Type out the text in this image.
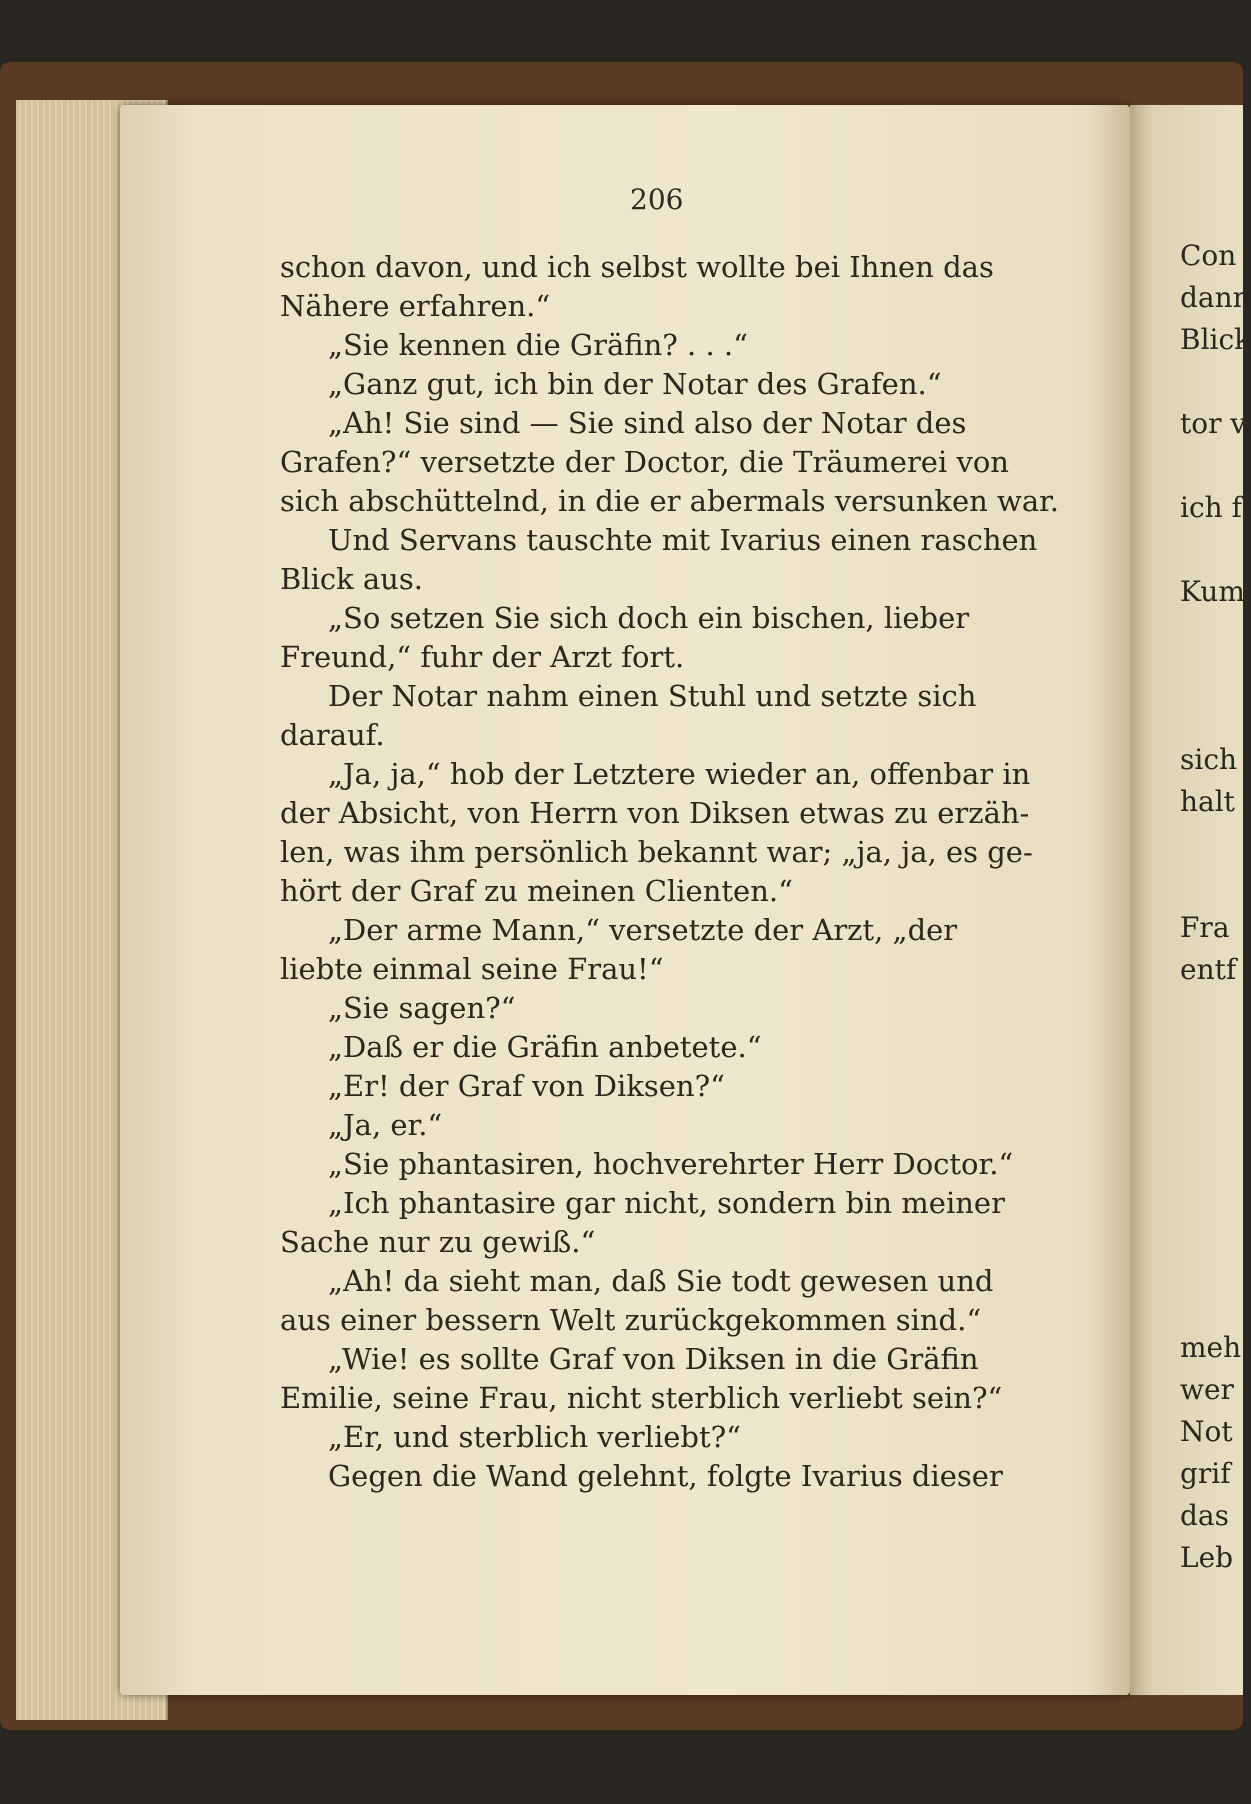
206
schon davon, und ich selbst wollte bei Ihnen das
Nähere erfahren.“
„Sie kennen die Gräfin? . . .“
„Ganz gut, ich bin der Notar des Grafen.“
„Ah! Sie sind — Sie sind also der Notar des
Grafen?“ versetzte der Doctor, die Träumerei von
sich abschüttelnd, in die er abermals versunken war.
Und Servans tauschte mit Ivarius einen raschen
Blick aus.
„So setzen Sie sich doch ein bischen, lieber
Freund,“ fuhr der Arzt fort.
Der Notar nahm einen Stuhl und setzte sich
darauf.
„Ja, ja,“ hob der Letztere wieder an, offenbar in
der Absicht, von Herrn von Diksen etwas zu erzäh-
len, was ihm persönlich bekannt war; „ja, ja, es ge-
hört der Graf zu meinen Clienten.“
„Der arme Mann,“ versetzte der Arzt, „der
liebte einmal seine Frau!“
„Sie sagen?“
„Daß er die Gräfin anbetete.“
„Er! der Graf von Diksen?“
„Ja, er.“
„Sie phantasiren, hochverehrter Herr Doctor.“
„Ich phantasire gar nicht, sondern bin meiner
Sache nur zu gewiß.“
„Ah! da sieht man, daß Sie todt gewesen und
aus einer bessern Welt zurückgekommen sind.“
„Wie! es sollte Graf von Diksen in die Gräfin
Emilie, seine Frau, nicht sterblich verliebt sein?“
„Er, und sterblich verliebt?“
Gegen die Wand gelehnt, folgte Ivarius dieser
Con
dann
Blick
tor v
ich f
Kum
sich
halt
Fra
entf
meh
wer
Not
grif
das
Leb
